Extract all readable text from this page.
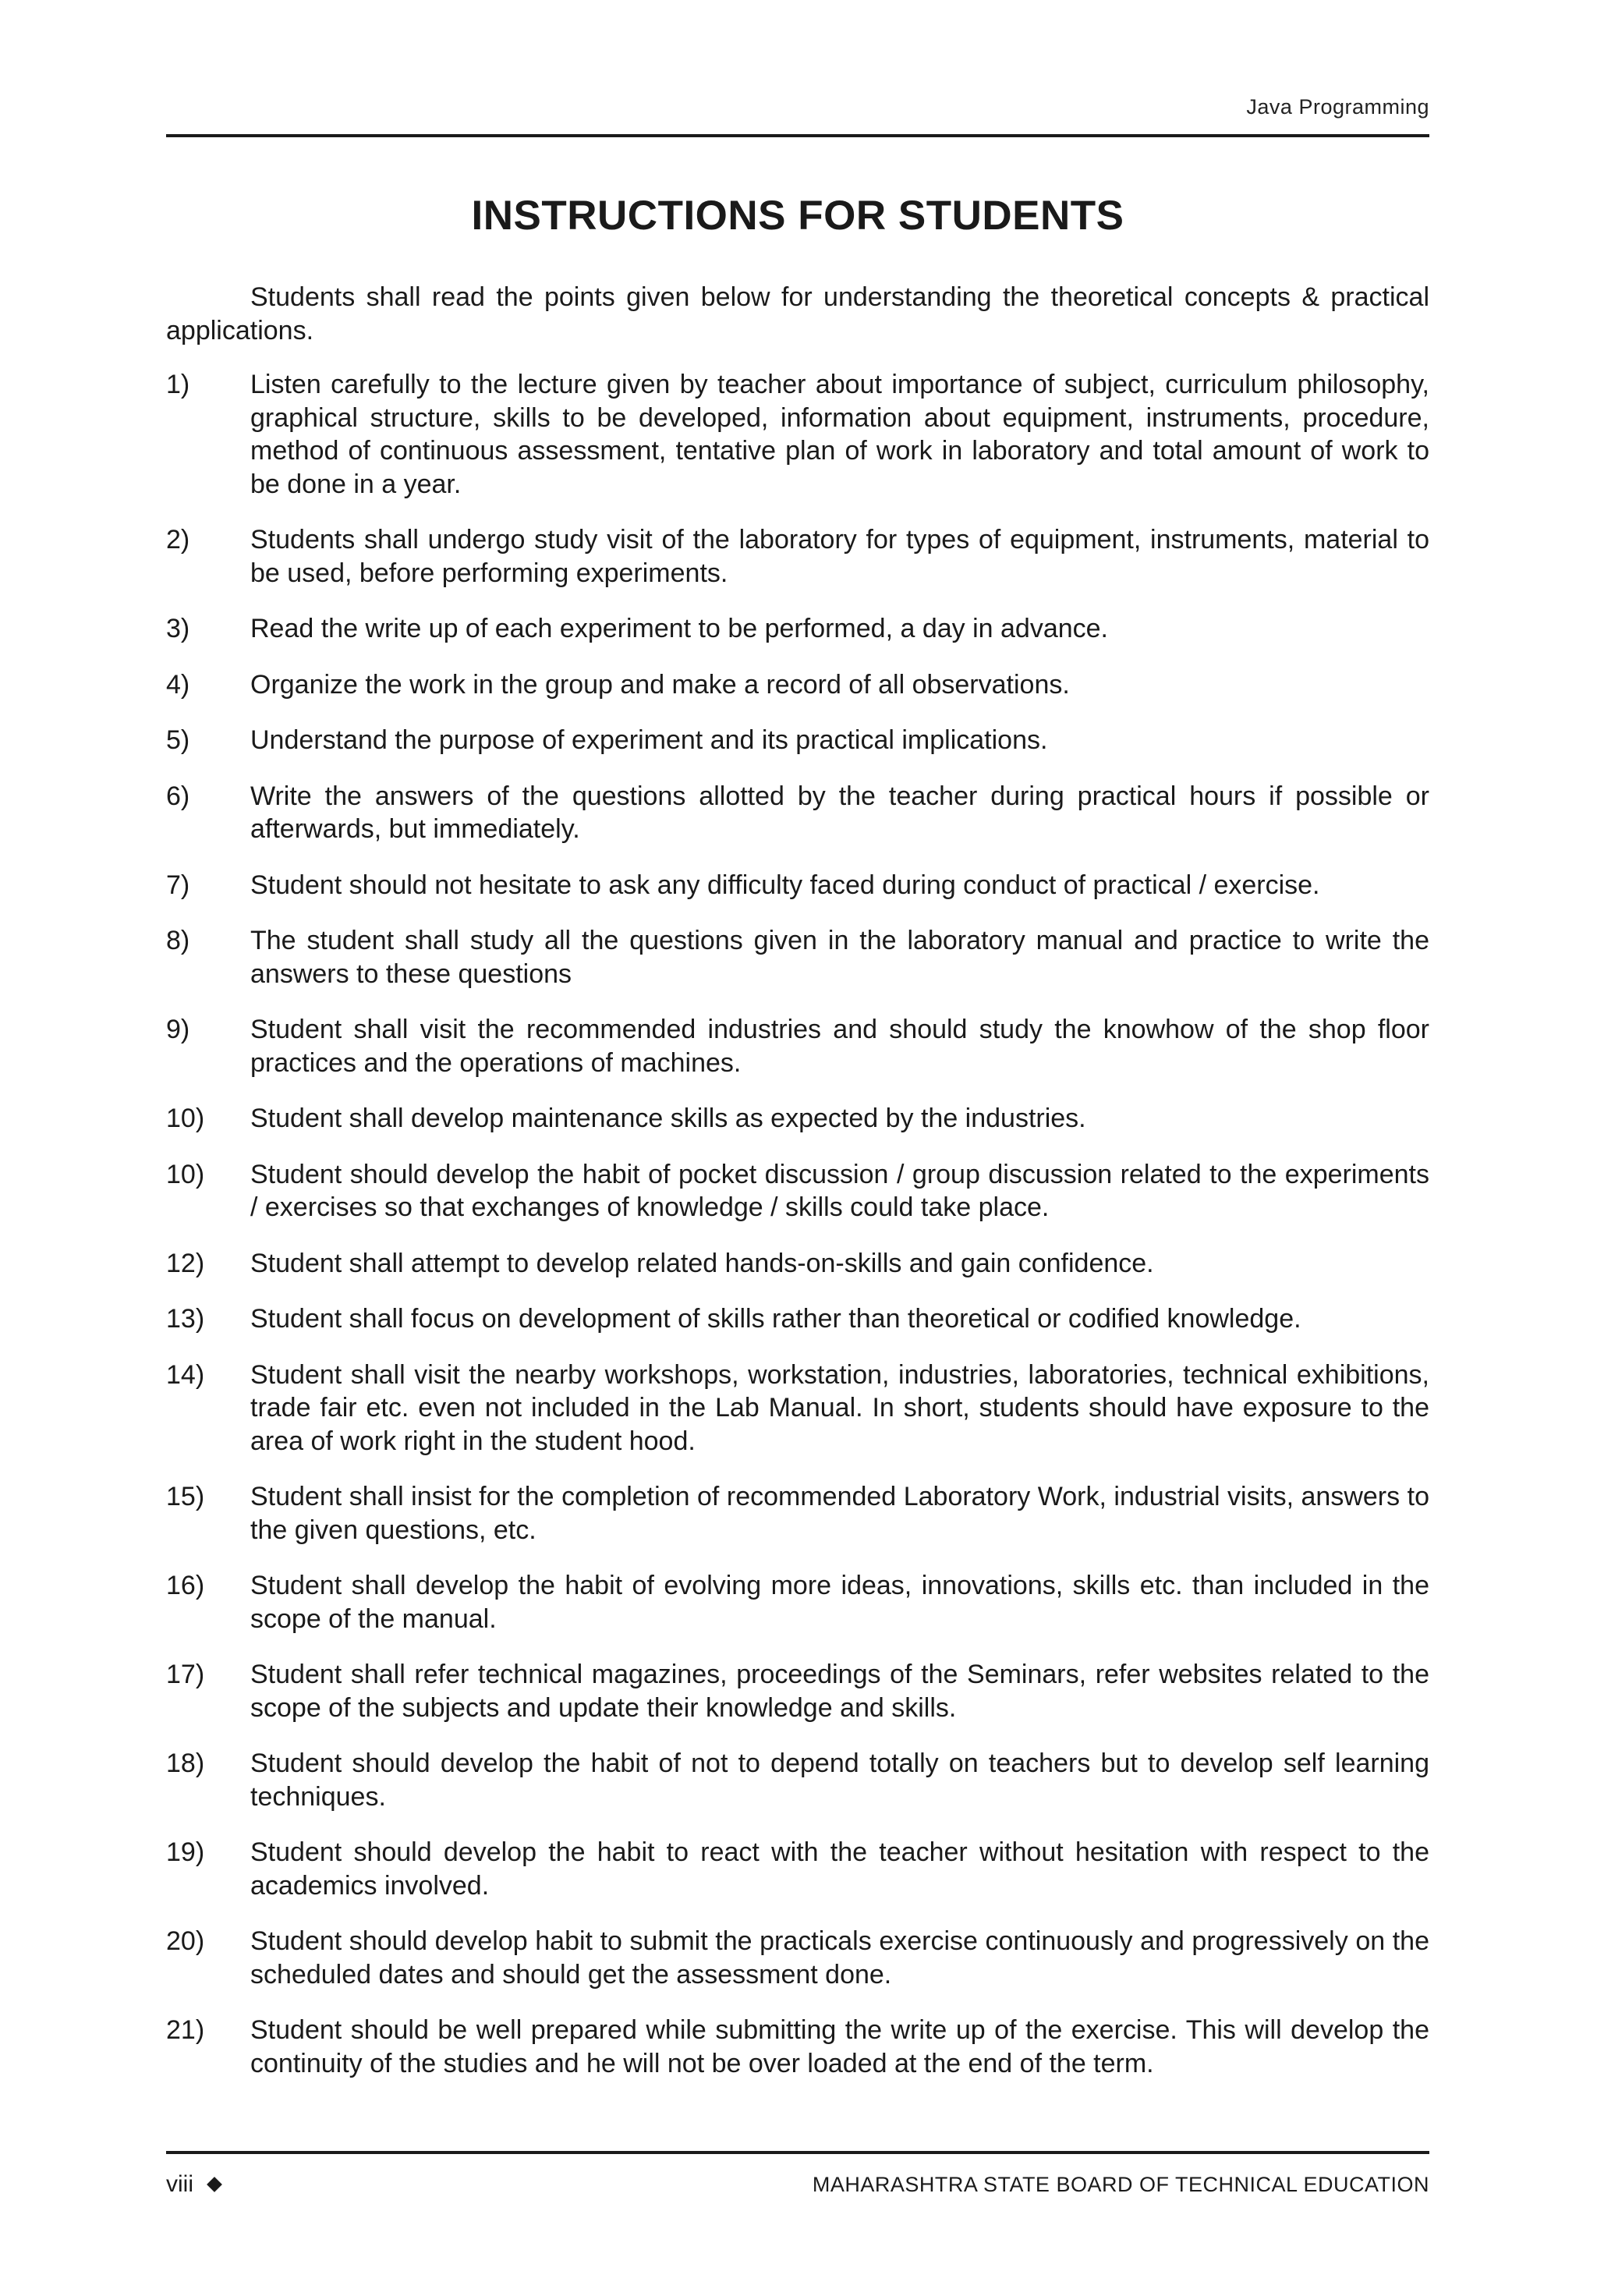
Java Programming
INSTRUCTIONS FOR STUDENTS

Students shall read the points given below for understanding the theoretical concepts & practical applications.

1)	Listen carefully to the lecture given by teacher about importance of subject, curriculum philosophy, graphical structure, skills to be developed, information about equipment, instruments, procedure, method of continuous assessment, tentative plan of work in laboratory and total amount of work to be done in a year.
2)	Students shall undergo study visit of the laboratory for types of equipment, instruments, material to be used, before performing experiments.
3)	Read the write up of each experiment to be performed, a day in advance.
4)	Organize the work in the group and make a record of all observations.
5)	Understand the purpose of experiment and its practical implications.
6)	Write the answers of the questions allotted by the teacher during practical hours if possible or afterwards, but immediately.
7)	Student should not hesitate to ask any difficulty faced during conduct of practical / exercise.
8)	The student shall study all the questions given in the laboratory manual and practice to write the answers to these questions
9)	Student shall visit the recommended industries and should study the knowhow of the shop floor practices and the operations of machines.
10)	Student shall develop maintenance skills as expected by the industries.
10)	Student should develop the habit of pocket discussion / group discussion related to the experiments / exercises so that exchanges of knowledge / skills could take place.
12)	Student shall attempt to develop related hands-on-skills and gain confidence.
13)	Student shall focus on development of skills rather than theoretical or codified knowledge.
14)	Student shall visit the nearby workshops, workstation, industries, laboratories, technical exhibitions, trade fair etc. even not included in the Lab Manual. In short, students should have exposure to the area of work right in the student hood.
15)	Student shall insist for the completion of recommended Laboratory Work, industrial visits, answers to the given questions, etc.
16)	Student shall develop the habit of evolving more ideas, innovations, skills etc. than included in the scope of the manual.
17)	Student shall refer technical magazines, proceedings of the Seminars, refer websites related to the scope of the subjects and update their knowledge and skills.
18)	Student should develop the habit of not to depend totally on teachers but to develop self learning techniques.
19)	Student should develop the habit to react with the teacher without hesitation with respect to the academics involved.
20)	Student should develop habit to submit the practicals exercise continuously and progressively on the scheduled dates and should get the assessment done.
21)	Student should be well prepared while submitting the write up of the exercise. This will develop the continuity of the studies and he will not be over loaded at the end of the term.
viii	MAHARASHTRA STATE BOARD OF TECHNICAL EDUCATION
